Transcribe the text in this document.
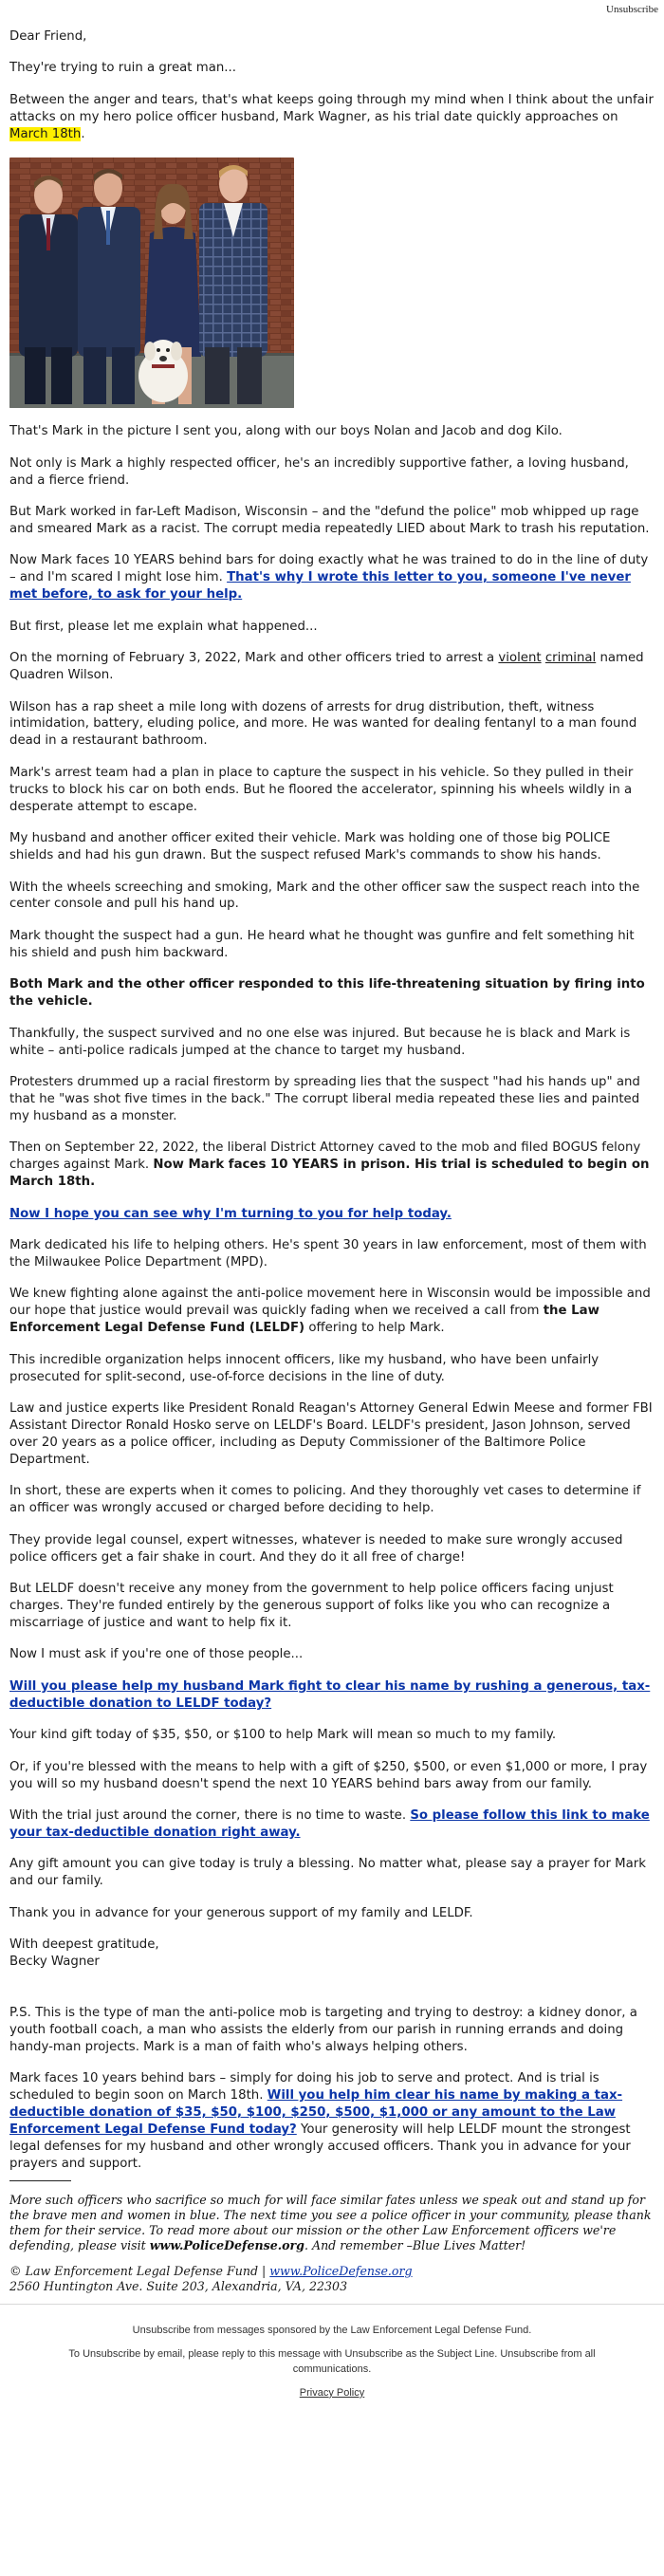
Unsubscribe

Dear Friend,

They're trying to ruin a great man...

Between the anger and tears, that's what keeps going through my mind when I think about the unfair attacks on my hero police officer husband, Mark Wagner, as his trial date quickly approaches on March 18th.

That's Mark in the picture I sent you, along with our boys Nolan and Jacob and dog Kilo.

Not only is Mark a highly respected officer, he's an incredibly supportive father, a loving husband, and a fierce friend.

But Mark worked in far-Left Madison, Wisconsin – and the "defund the police" mob whipped up rage and smeared Mark as a racist. The corrupt media repeatedly LIED about Mark to trash his reputation.

Now Mark faces 10 YEARS behind bars for doing exactly what he was trained to do in the line of duty – and I'm scared I might lose him. That's why I wrote this letter to you, someone I've never met before, to ask for your help.

But first, please let me explain what happened...

On the morning of February 3, 2022, Mark and other officers tried to arrest a violent criminal named Quadren Wilson.

Wilson has a rap sheet a mile long with dozens of arrests for drug distribution, theft, witness intimidation, battery, eluding police, and more. He was wanted for dealing fentanyl to a man found dead in a restaurant bathroom.

Mark's arrest team had a plan in place to capture the suspect in his vehicle. So they pulled in their trucks to block his car on both ends. But he floored the accelerator, spinning his wheels wildly in a desperate attempt to escape.

My husband and another officer exited their vehicle. Mark was holding one of those big POLICE shields and had his gun drawn. But the suspect refused Mark's commands to show his hands.

With the wheels screeching and smoking, Mark and the other officer saw the suspect reach into the center console and pull his hand up.

Mark thought the suspect had a gun. He heard what he thought was gunfire and felt something hit his shield and push him backward.

Both Mark and the other officer responded to this life-threatening situation by firing into the vehicle.

Thankfully, the suspect survived and no one else was injured. But because he is black and Mark is white – anti-police radicals jumped at the chance to target my husband.

Protesters drummed up a racial firestorm by spreading lies that the suspect "had his hands up" and that he "was shot five times in the back." The corrupt liberal media repeated these lies and painted my husband as a monster.

Then on September 22, 2022, the liberal District Attorney caved to the mob and filed BOGUS felony charges against Mark. Now Mark faces 10 YEARS in prison. His trial is scheduled to begin on March 18th.

Now I hope you can see why I'm turning to you for help today.

Mark dedicated his life to helping others. He's spent 30 years in law enforcement, most of them with the Milwaukee Police Department (MPD).

We knew fighting alone against the anti-police movement here in Wisconsin would be impossible and our hope that justice would prevail was quickly fading when we received a call from the Law Enforcement Legal Defense Fund (LELDF) offering to help Mark.

This incredible organization helps innocent officers, like my husband, who have been unfairly prosecuted for split-second, use-of-force decisions in the line of duty.

Law and justice experts like President Ronald Reagan's Attorney General Edwin Meese and former FBI Assistant Director Ronald Hosko serve on LELDF's Board. LELDF's president, Jason Johnson, served over 20 years as a police officer, including as Deputy Commissioner of the Baltimore Police Department.

In short, these are experts when it comes to policing. And they thoroughly vet cases to determine if an officer was wrongly accused or charged before deciding to help.

They provide legal counsel, expert witnesses, whatever is needed to make sure wrongly accused police officers get a fair shake in court. And they do it all free of charge!

But LELDF doesn't receive any money from the government to help police officers facing unjust charges. They're funded entirely by the generous support of folks like you who can recognize a miscarriage of justice and want to help fix it.

Now I must ask if you're one of those people...

Will you please help my husband Mark fight to clear his name by rushing a generous, tax-deductible donation to LELDF today?

Your kind gift today of $35, $50, or $100 to help Mark will mean so much to my family.

Or, if you're blessed with the means to help with a gift of $250, $500, or even $1,000 or more, I pray you will so my husband doesn't spend the next 10 YEARS behind bars away from our family.

With the trial just around the corner, there is no time to waste. So please follow this link to make your tax-deductible donation right away.

Any gift amount you can give today is truly a blessing. No matter what, please say a prayer for Mark and our family.

Thank you in advance for your generous support of my family and LELDF.

With deepest gratitude,
Becky Wagner

P.S. This is the type of man the anti-police mob is targeting and trying to destroy: a kidney donor, a youth football coach, a man who assists the elderly from our parish in running errands and doing handy-man projects. Mark is a man of faith who's always helping others.

Mark faces 10 years behind bars – simply for doing his job to serve and protect. And is trial is scheduled to begin soon on March 18th. Will you help him clear his name by making a tax-deductible donation of $35, $50, $100, $250, $500, $1,000 or any amount to the Law Enforcement Legal Defense Fund today? Your generosity will help LELDF mount the strongest legal defenses for my husband and other wrongly accused officers. Thank you in advance for your prayers and support.

More such officers who sacrifice so much for will face similar fates unless we speak out and stand up for the brave men and women in blue. The next time you see a police officer in your community, please thank them for their service. To read more about our mission or the other Law Enforcement officers we're defending, please visit www.PoliceDefense.org. And remember –Blue Lives Matter!

© Law Enforcement Legal Defense Fund | www.PoliceDefense.org

2560 Huntington Ave. Suite 203, Alexandria, VA, 22303

Unsubscribe from messages sponsored by the Law Enforcement Legal Defense Fund.

To Unsubscribe by email, please reply to this message with Unsubscribe as the Subject Line. Unsubscribe from all communications.

Privacy Policy
